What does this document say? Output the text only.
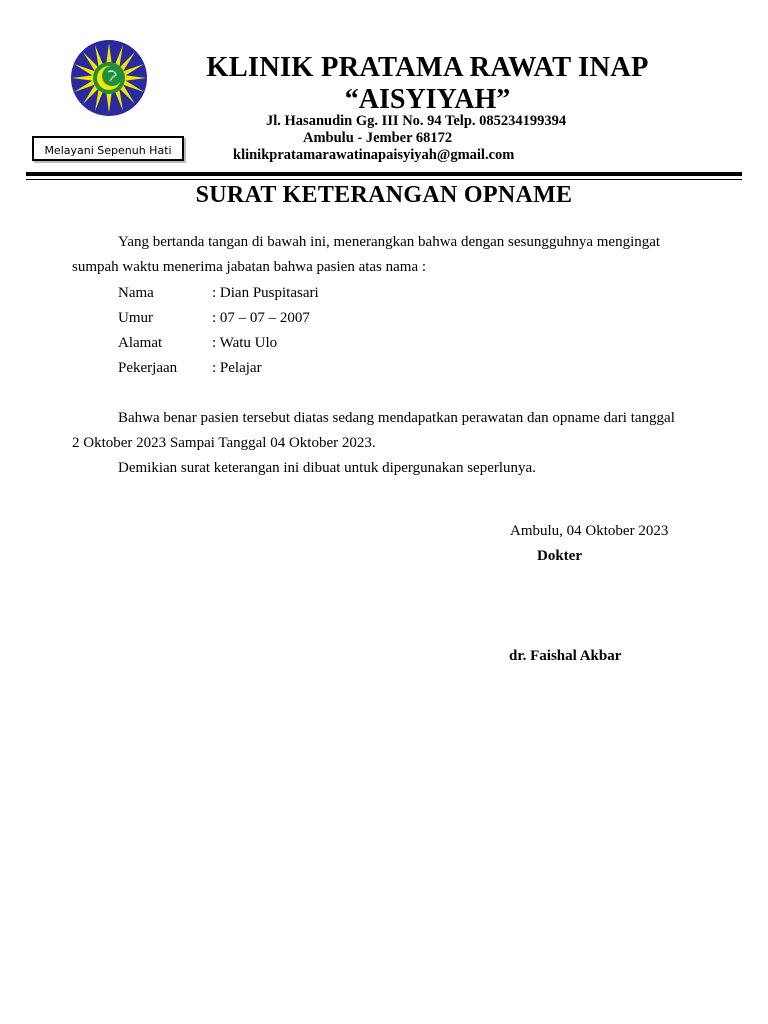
KLINIK PRATAMA RAWAT INAP
“AISYIYAH”
Jl. Hasanudin Gg. III No. 94 Telp. 085234199394
Ambulu - Jember 68172
klinikpratamarawatinapaisyiyah@gmail.com
Melayani Sepenuh Hati
SURAT KETERANGAN OPNAME
Yang bertanda tangan di bawah ini, menerangkan bahwa dengan sesungguhnya mengingat
sumpah waktu menerima jabatan bahwa pasien atas nama :
Nama	: Dian Puspitasari
Umur	: 07 – 07 – 2007
Alamat	: Watu Ulo
Pekerjaan : Pelajar
Bahwa benar pasien tersebut diatas sedang mendapatkan perawatan dan opname dari tanggal
2 Oktober 2023 Sampai Tanggal 04 Oktober 2023.
Demikian surat keterangan ini dibuat untuk dipergunakan seperlunya.
Ambulu, 04 Oktober 2023
Dokter
dr. Faishal Akbar
